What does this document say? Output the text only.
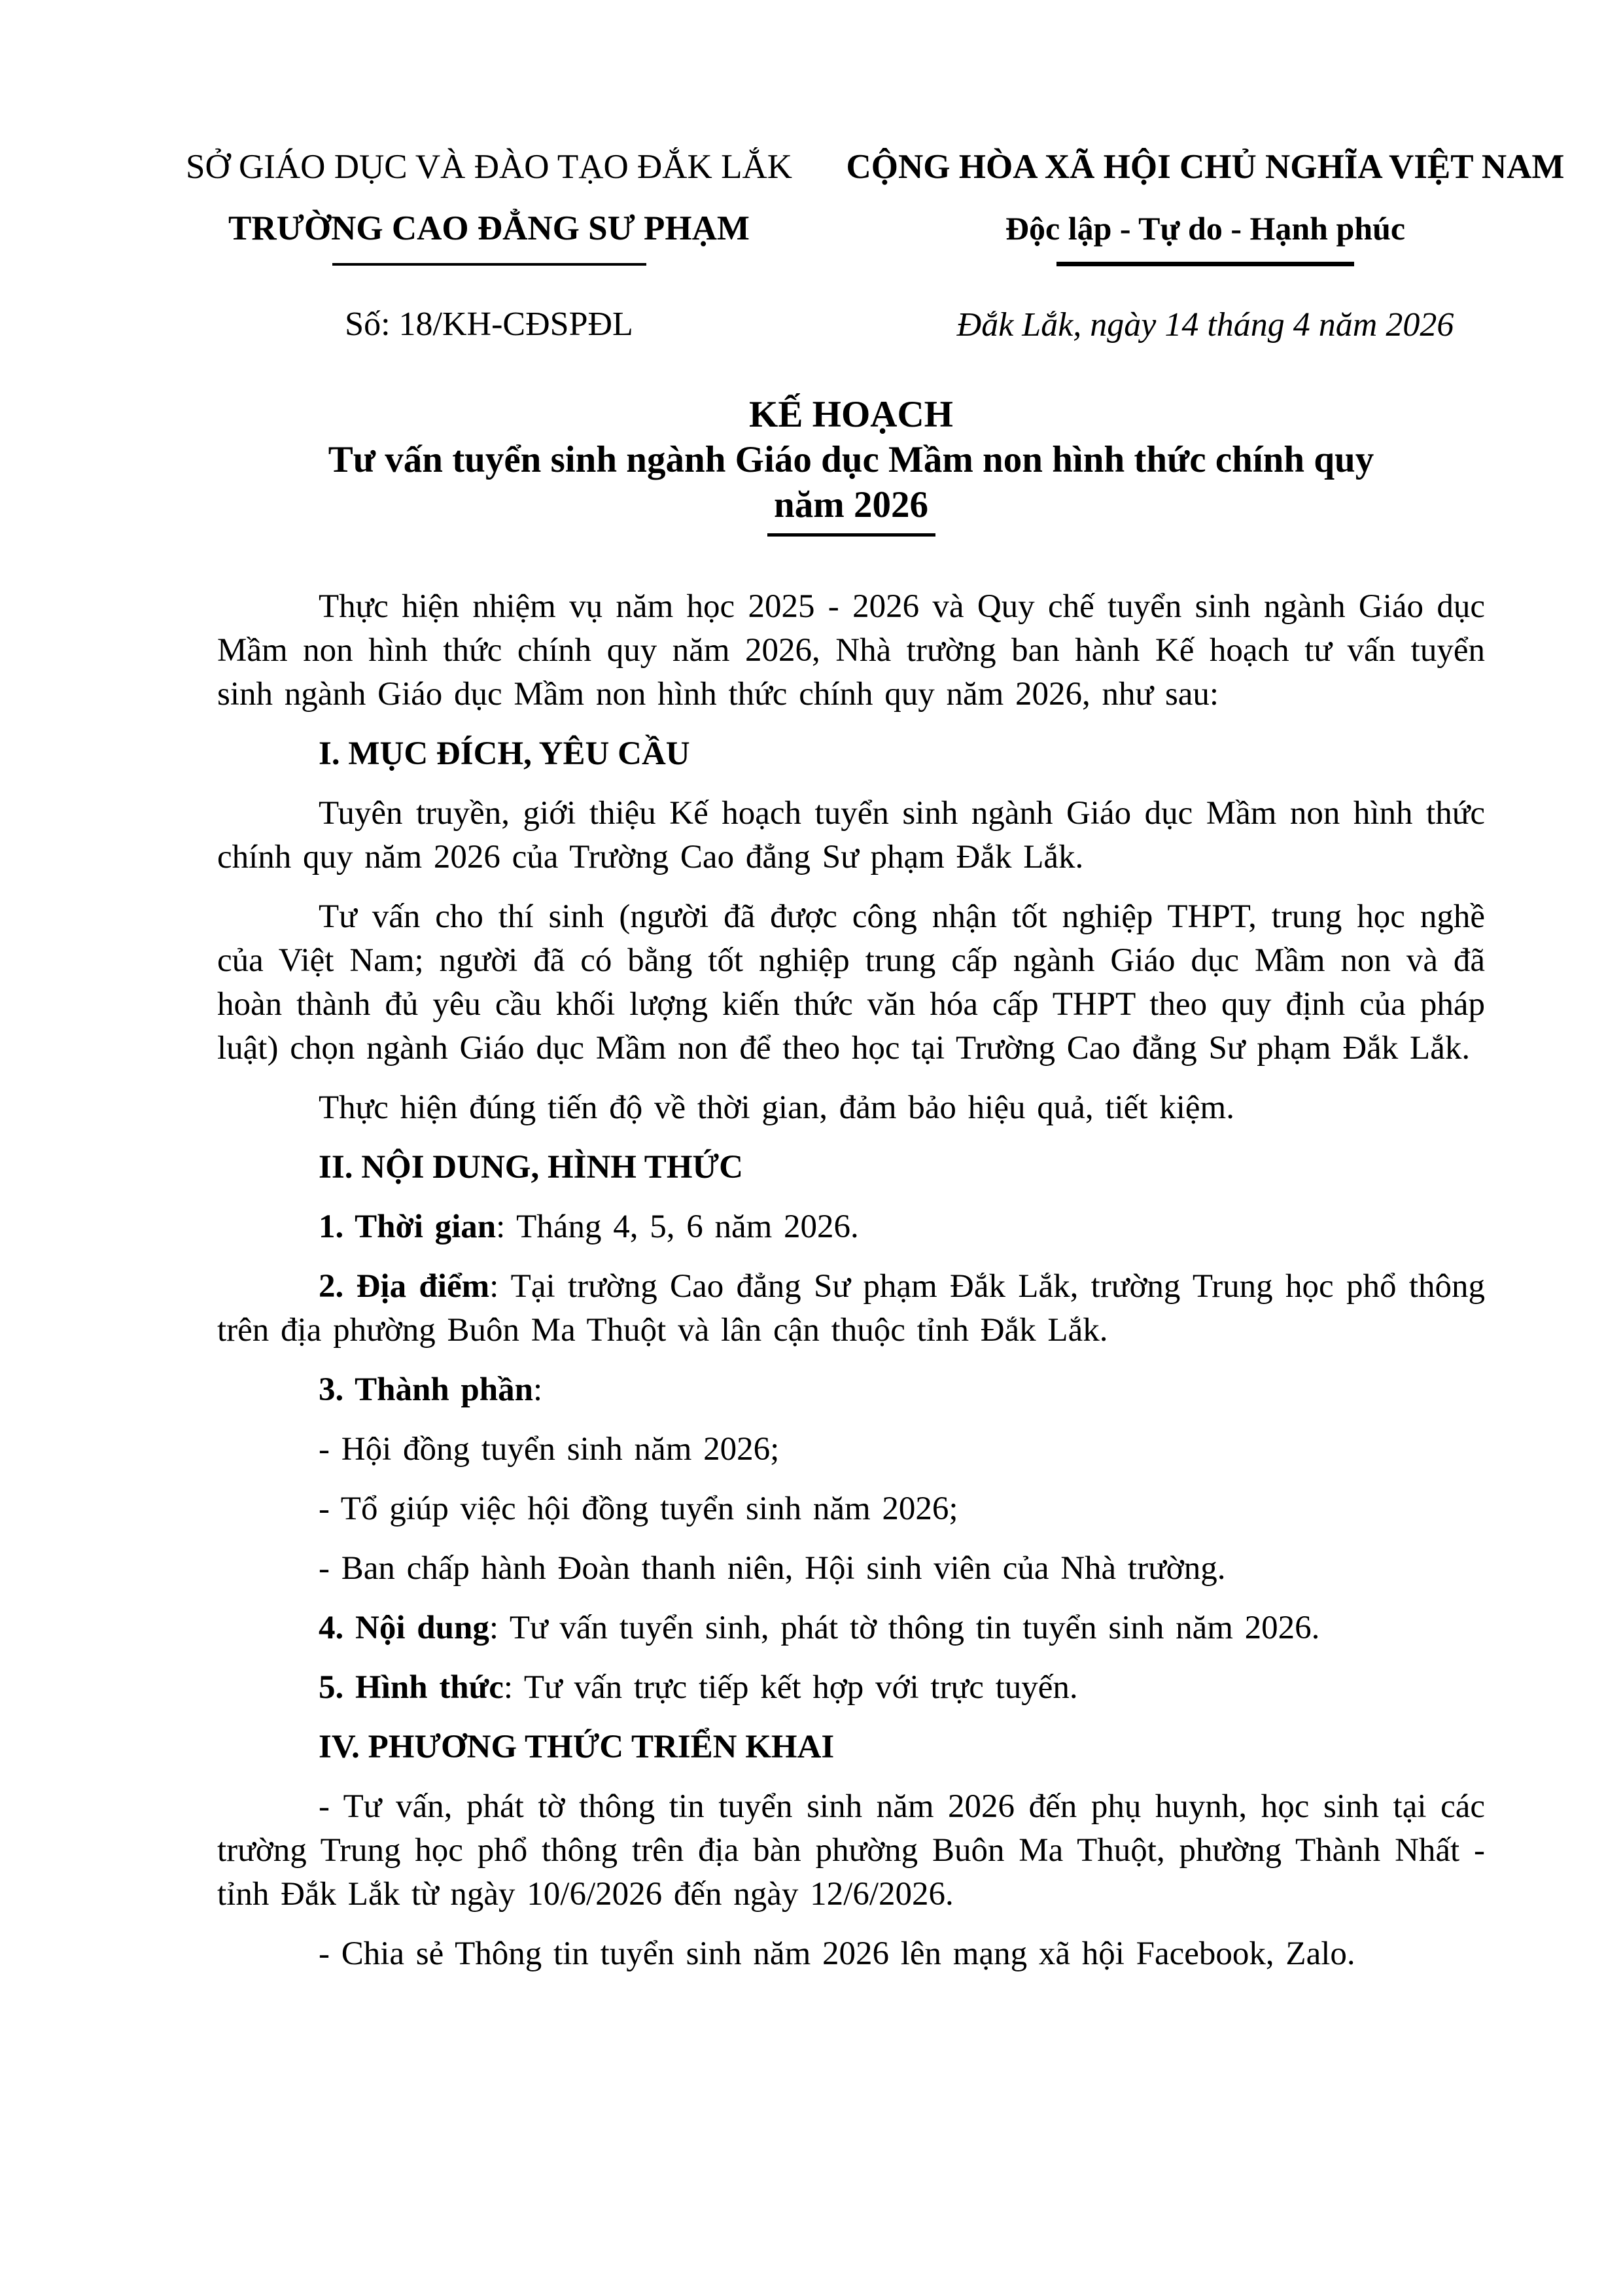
SỞ GIÁO DỤC VÀ ĐÀO TẠO ĐẮK LẮK
TRƯỜNG CAO ĐẲNG SƯ PHẠM
Số: 18/KH-CĐSPĐL
CỘNG HÒA XÃ HỘI CHỦ NGHĨA VIỆT NAM
Độc lập - Tự do - Hạnh phúc
Đắk Lắk, ngày 14 tháng 4 năm 2026
KẾ HOẠCH
Tư vấn tuyển sinh ngành Giáo dục Mầm non hình thức chính quy
năm 2026

Thực hiện nhiệm vụ năm học 2025 - 2026 và Quy chế tuyển sinh ngành Giáo dục Mầm non hình thức chính quy năm 2026, Nhà trường ban hành Kế hoạch tư vấn tuyển sinh ngành Giáo dục Mầm non hình thức chính quy năm 2026, như sau:

I. MỤC ĐÍCH, YÊU CẦU

Tuyên truyền, giới thiệu Kế hoạch tuyển sinh ngành Giáo dục Mầm non hình thức chính quy năm 2026 của Trường Cao đẳng Sư phạm Đắk Lắk.

Tư vấn cho thí sinh (người đã được công nhận tốt nghiệp THPT, trung học nghề của Việt Nam; người đã có bằng tốt nghiệp trung cấp ngành Giáo dục Mầm non và đã hoàn thành đủ yêu cầu khối lượng kiến thức văn hóa cấp THPT theo quy định của pháp luật) chọn ngành Giáo dục Mầm non để theo học tại Trường Cao đẳng Sư phạm Đắk Lắk.

Thực hiện đúng tiến độ về thời gian, đảm bảo hiệu quả, tiết kiệm.

II. NỘI DUNG, HÌNH THỨC

1. Thời gian: Tháng 4, 5, 6 năm 2026.

2. Địa điểm: Tại trường Cao đẳng Sư phạm Đắk Lắk, trường Trung học phổ thông trên địa phường Buôn Ma Thuột và lân cận thuộc tỉnh Đắk Lắk.

3. Thành phần:

- Hội đồng tuyển sinh năm 2026;

- Tổ giúp việc hội đồng tuyển sinh năm 2026;

- Ban chấp hành Đoàn thanh niên, Hội sinh viên của Nhà trường.

4. Nội dung: Tư vấn tuyển sinh, phát tờ thông tin tuyển sinh năm 2026.

5. Hình thức: Tư vấn trực tiếp kết hợp với trực tuyến.

IV. PHƯƠNG THỨC TRIỂN KHAI

- Tư vấn, phát tờ thông tin tuyển sinh năm 2026 đến phụ huynh, học sinh tại các trường Trung học phổ thông trên địa bàn phường Buôn Ma Thuột, phường Thành Nhất - tỉnh Đắk Lắk từ ngày 10/6/2026 đến ngày 12/6/2026.

- Chia sẻ Thông tin tuyển sinh năm 2026 lên mạng xã hội Facebook, Zalo.
